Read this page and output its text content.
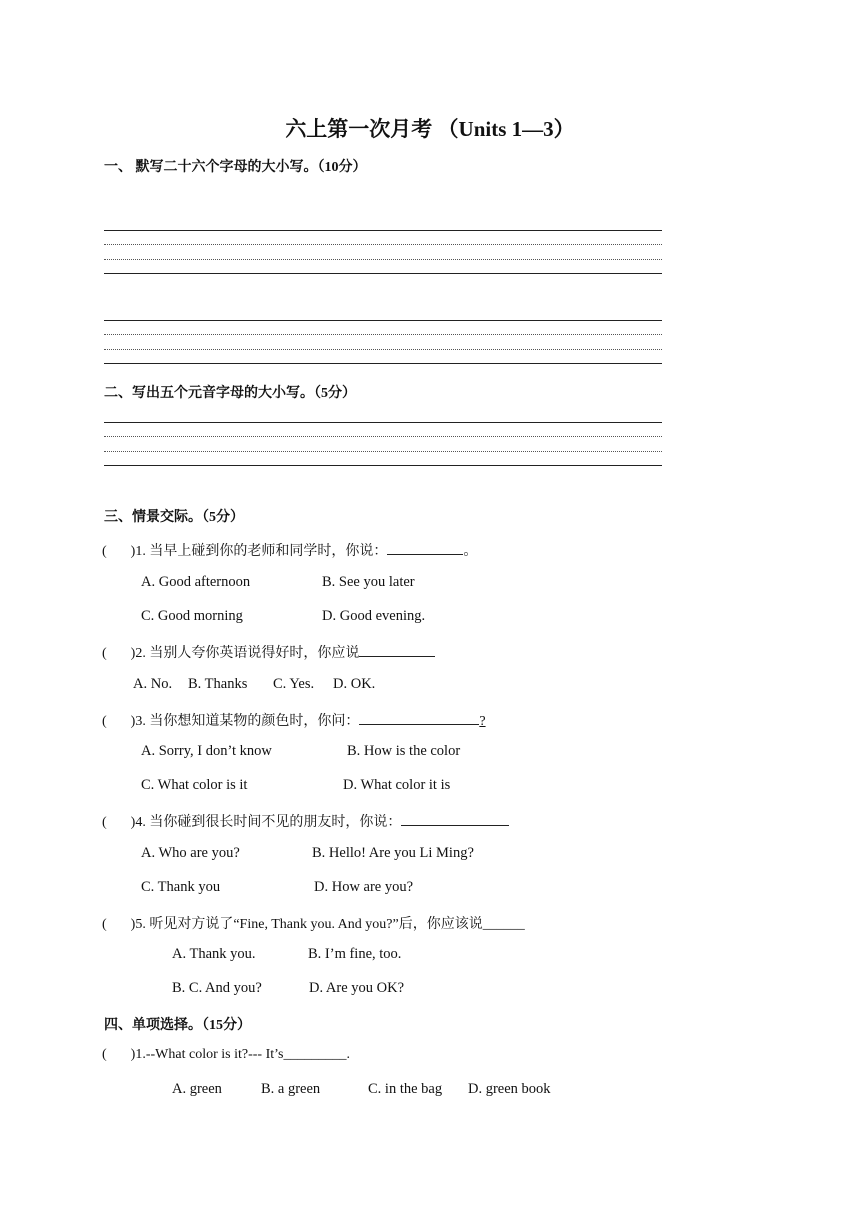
六上第一次月考 （Units 1—3）
一、 默写二十六个字母的大小写。（10分）
二、写出五个元音字母的大小写。（5分）
三、情景交际。（5分）
( )1. 当早上碰到你的老师和同学时，你说：	。
A. Good afternoon	B. See you later
C. Good morning	D. Good evening.
( )2. 当别人夸你英语说得好时，你应说
A. No. B. Thanks C. Yes. D. OK.
( )3. 当你想知道某物的颜色时，你问：	?
A. Sorry, I don’t know	B. How is the color
C. What color is it	D. What color it is
( )4. 当你碰到很长时间不见的朋友时，你说：
A. Who are you?	B. Hello! Are you Li Ming?
C. Thank you	D. How are you?
( )5. 听见对方说了“Fine, Thank you. And you?”后，你应该说______
A. Thank you.	B. I’m fine, too.
B. C. And you?	D. Are you OK?
四、单项选择。（15分）
( )1.--What color is it?--- It’s_________.
A. green	B. a green	C. in the bag D. green book
